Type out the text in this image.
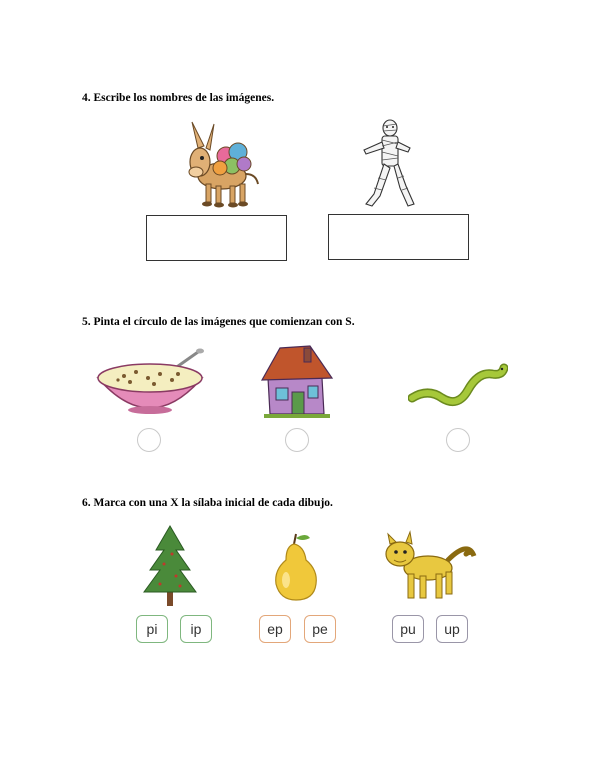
4. Escribe los nombres de las imágenes.

5. Pinta el círculo de las imágenes que comienzan con S.

6. Marca con una X la sílaba inicial de cada dibujo.

pi	ip	ep	pe	pu	up
